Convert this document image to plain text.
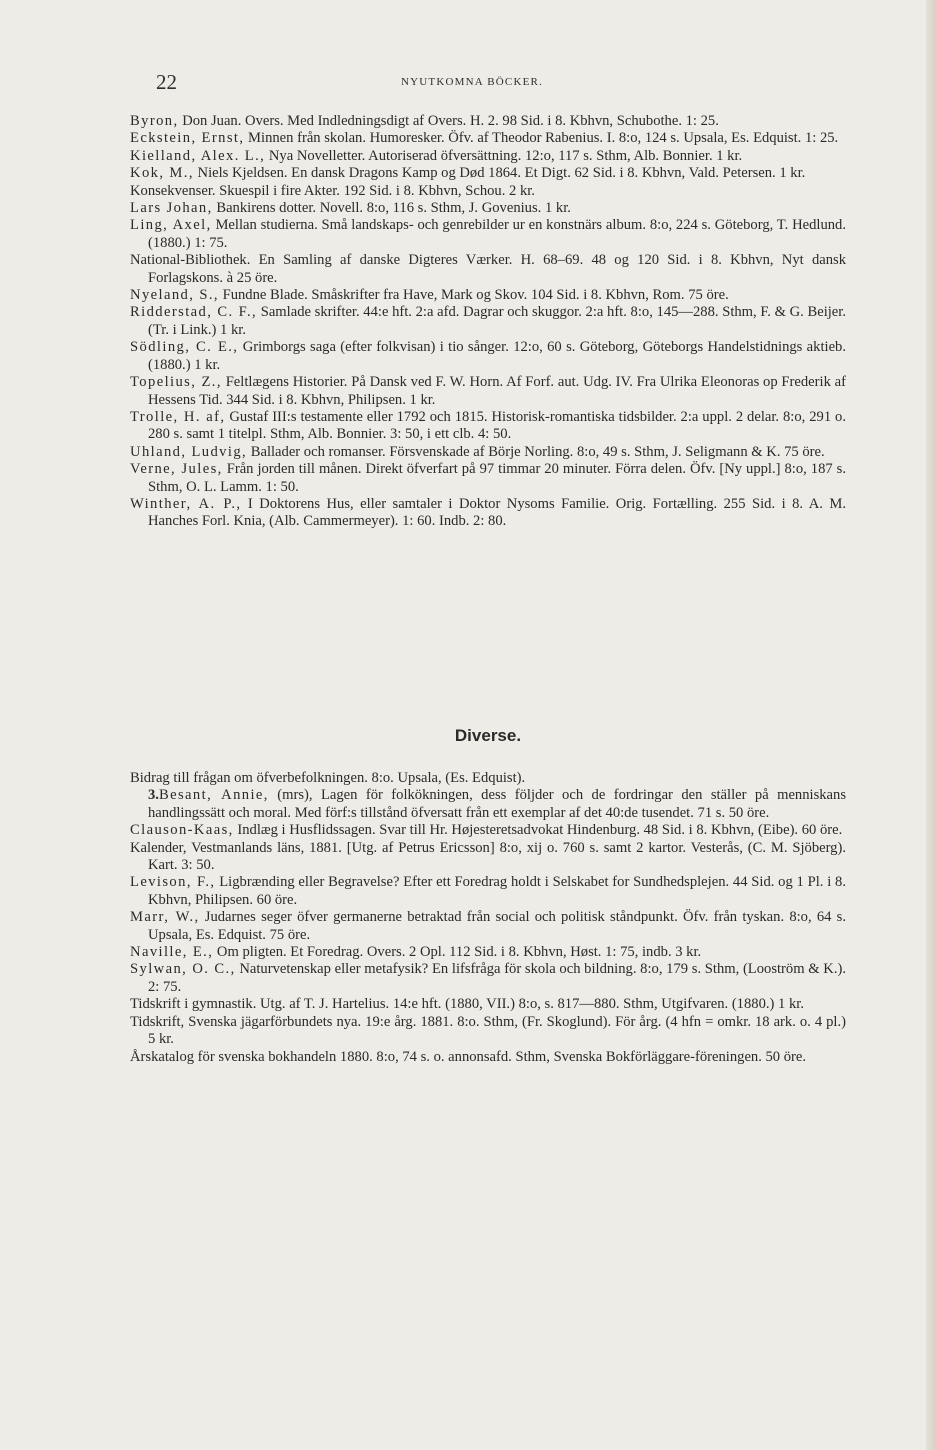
22	NYUTKOMNA BÖCKER.

Byron, Don Juan. Overs. Med Indledningsdigt af Overs. H. 2. 98 Sid. i 8. Kbhvn, Schubothe. 1: 25.

Eckstein, Ernst, Minnen från skolan. Humoresker. Öfv. af Theodor Rabenius. I. 8:o, 124 s. Upsala, Es. Edquist. 1: 25.

Kielland, Alex. L., Nya Novelletter. Autoriserad öfversättning. 12:o, 117 s. Sthm, Alb. Bonnier. 1 kr.

Kok, M., Niels Kjeldsen. En dansk Dragons Kamp og Død 1864. Et Digt. 62 Sid. i 8. Kbhvn, Vald. Petersen. 1 kr.

Konsekvenser. Skuespil i fire Akter. 192 Sid. i 8. Kbhvn, Schou. 2 kr.

Lars Johan, Bankirens dotter. Novell. 8:o, 116 s. Sthm, J. Govenius. 1 kr.

Ling, Axel, Mellan studierna. Små landskaps- och genrebilder ur en konstnärs album. 8:o, 224 s. Göteborg, T. Hedlund. (1880.) 1: 75.

National-Bibliothek. En Samling af danske Digteres Værker. H. 68–69. 48 og 120 Sid. i 8. Kbhvn, Nyt dansk Forlagskons. à 25 öre.

Nyeland, S., Fundne Blade. Småskrifter fra Have, Mark og Skov. 104 Sid. i 8. Kbhvn, Rom. 75 öre.

Ridderstad, C. F., Samlade skrifter. 44:e hft. 2:a afd. Dagrar och skuggor. 2:a hft. 8:o, 145—288. Sthm, F. & G. Beijer. (Tr. i Link.) 1 kr.

Södling, C. E., Grimborgs saga (efter folkvisan) i tio sånger. 12:o, 60 s. Göteborg, Göteborgs Handelstidnings aktieb. (1880.) 1 kr.

Topelius, Z., Feltlægens Historier. På Dansk ved F. W. Horn. Af Forf. aut. Udg. IV. Fra Ulrika Eleonoras op Frederik af Hessens Tid. 344 Sid. i 8. Kbhvn, Philipsen. 1 kr.

Trolle, H. af, Gustaf III:s testamente eller 1792 och 1815. Historisk-romantiska tidsbilder. 2:a uppl. 2 delar. 8:o, 291 o. 280 s. samt 1 titelpl. Sthm, Alb. Bonnier. 3: 50, i ett clb. 4: 50.

Uhland, Ludvig, Ballader och romanser. Försvenskade af Börje Norling. 8:o, 49 s. Sthm, J. Seligmann & K. 75 öre.

Verne, Jules, Från jorden till månen. Direkt öfverfart på 97 timmar 20 minuter. Förra delen. Öfv. [Ny uppl.] 8:o, 187 s. Sthm, O. L. Lamm. 1: 50.

Winther, A. P., I Doktorens Hus, eller samtaler i Doktor Nysoms Familie. Orig. Fortælling. 255 Sid. i 8. A. M. Hanches Forl. Knia, (Alb. Cammermeyer). 1: 60. Indb. 2: 80.

Diverse.

Bidrag till frågan om öfverbefolkningen. 8:o. Upsala, (Es. Edquist).

3.Besant, Annie, (mrs), Lagen för folkökningen, dess följder och de fordringar den ställer på menniskans handlingssätt och moral. Med förf:s tillstånd öfversatt från ett exemplar af det 40:de tusendet. 71 s. 50 öre.

Clauson-Kaas, Indlæg i Husflidssagen. Svar till Hr. Højesteretsadvokat Hindenburg. 48 Sid. i 8. Kbhvn, (Eibe). 60 öre.

Kalender, Vestmanlands läns, 1881. [Utg. af Petrus Ericsson] 8:o, xij o. 760 s. samt 2 kartor. Vesterås, (C. M. Sjöberg). Kart. 3: 50.

Levison, F., Ligbrænding eller Begravelse? Efter ett Foredrag holdt i Selskabet for Sundhedsplejen. 44 Sid. og 1 Pl. i 8. Kbhvn, Philipsen. 60 öre.

Marr, W., Judarnes seger öfver germanerne betraktad från social och politisk ståndpunkt. Öfv. från tyskan. 8:o, 64 s. Upsala, Es. Edquist. 75 öre.

Naville, E., Om pligten. Et Foredrag. Overs. 2 Opl. 112 Sid. i 8. Kbhvn, Høst. 1: 75, indb. 3 kr.

Sylwan, O. C., Naturvetenskap eller metafysik? En lifsfråga för skola och bildning. 8:o, 179 s. Sthm, (Looström & K.). 2: 75.

Tidskrift i gymnastik. Utg. af T. J. Hartelius. 14:e hft. (1880, VII.) 8:o, s. 817—880. Sthm, Utgifvaren. (1880.) 1 kr.

Tidskrift, Svenska jägarförbundets nya. 19:e årg. 1881. 8:o. Sthm, (Fr. Skoglund). För årg. (4 hfn = omkr. 18 ark. o. 4 pl.) 5 kr.

Årskatalog för svenska bokhandeln 1880. 8:o, 74 s. o. annonsafd. Sthm, Svenska Bokförläggare-föreningen. 50 öre.
